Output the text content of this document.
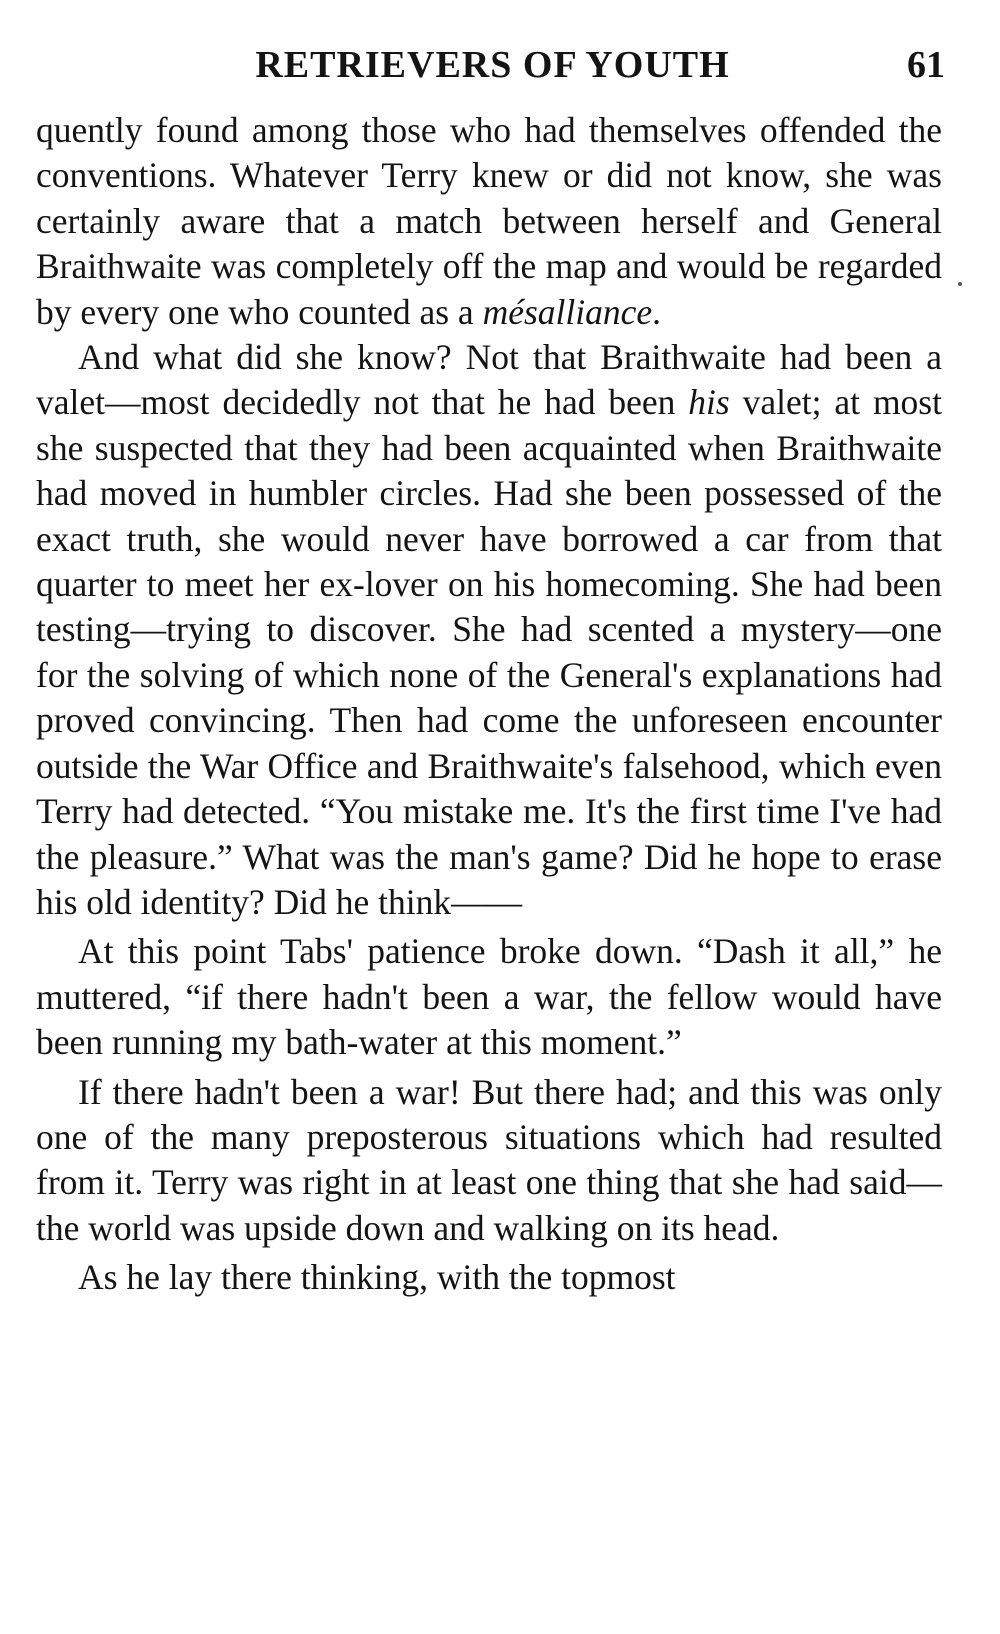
RETRIEVERS OF YOUTH	61

quently found among those who had themselves offended the conventions. Whatever Terry knew or did not know, she was certainly aware that a match between herself and General Braithwaite was completely off the map and would be regarded by every one who counted as a mésalliance.

And what did she know? Not that Braithwaite had been a valet—most decidedly not that he had been his valet; at most she suspected that they had been acquainted when Braithwaite had moved in humbler circles. Had she been possessed of the exact truth, she would never have borrowed a car from that quarter to meet her ex-lover on his homecoming. She had been testing—trying to discover. She had scented a mystery—one for the solving of which none of the General's explanations had proved convincing. Then had come the unforeseen encounter outside the War Office and Braithwaite's falsehood, which even Terry had detected. “You mistake me. It's the first time I've had the pleasure.” What was the man's game? Did he hope to erase his old identity? Did he think——

At this point Tabs' patience broke down. “Dash it all,” he muttered, “if there hadn't been a war, the fellow would have been running my bath-water at this moment.”

If there hadn't been a war! But there had; and this was only one of the many preposterous situations which had resulted from it. Terry was right in at least one thing that she had said—the world was upside down and walking on its head.

As he lay there thinking, with the topmost
